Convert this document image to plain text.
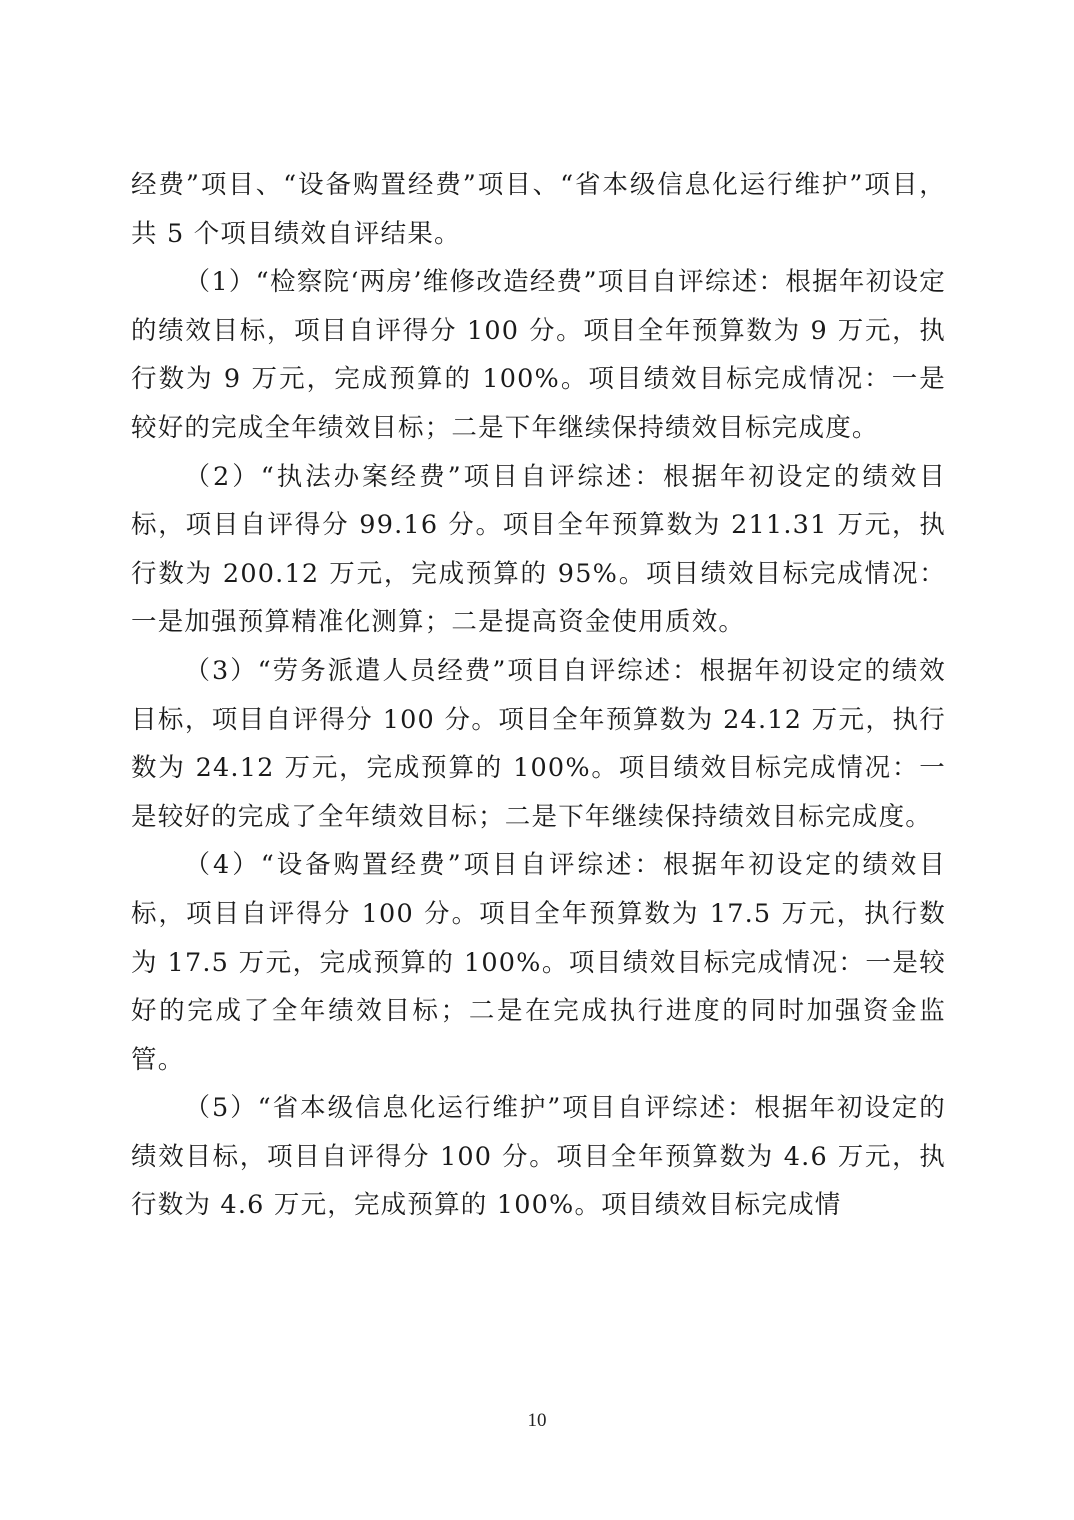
经费”项目、“设备购置经费”项目、“省本级信息化运行维护”项目，共 5 个项目绩效自评结果。

（1）“检察院‘两房’维修改造经费”项目自评综述：根据年初设定的绩效目标，项目自评得分 100 分。项目全年预算数为 9 万元，执行数为 9 万元，完成预算的 100%。项目绩效目标完成情况：一是较好的完成全年绩效目标；二是下年继续保持绩效目标完成度。

（2）“执法办案经费”项目自评综述：根据年初设定的绩效目标，项目自评得分 99.16 分。项目全年预算数为 211.31 万元，执行数为 200.12 万元，完成预算的 95%。项目绩效目标完成情况：一是加强预算精准化测算；二是提高资金使用质效。

（3）“劳务派遣人员经费”项目自评综述：根据年初设定的绩效目标，项目自评得分 100 分。项目全年预算数为 24.12 万元，执行数为 24.12 万元，完成预算的 100%。项目绩效目标完成情况：一是较好的完成了全年绩效目标；二是下年继续保持绩效目标完成度。

（4）“设备购置经费”项目自评综述：根据年初设定的绩效目标，项目自评得分 100 分。项目全年预算数为 17.5 万元，执行数为 17.5 万元，完成预算的 100%。项目绩效目标完成情况：一是较好的完成了全年绩效目标；二是在完成执行进度的同时加强资金监管。

（5）“省本级信息化运行维护”项目自评综述：根据年初设定的绩效目标，项目自评得分 100 分。项目全年预算数为 4.6 万元，执行数为 4.6 万元，完成预算的 100%。项目绩效目标完成情

10
